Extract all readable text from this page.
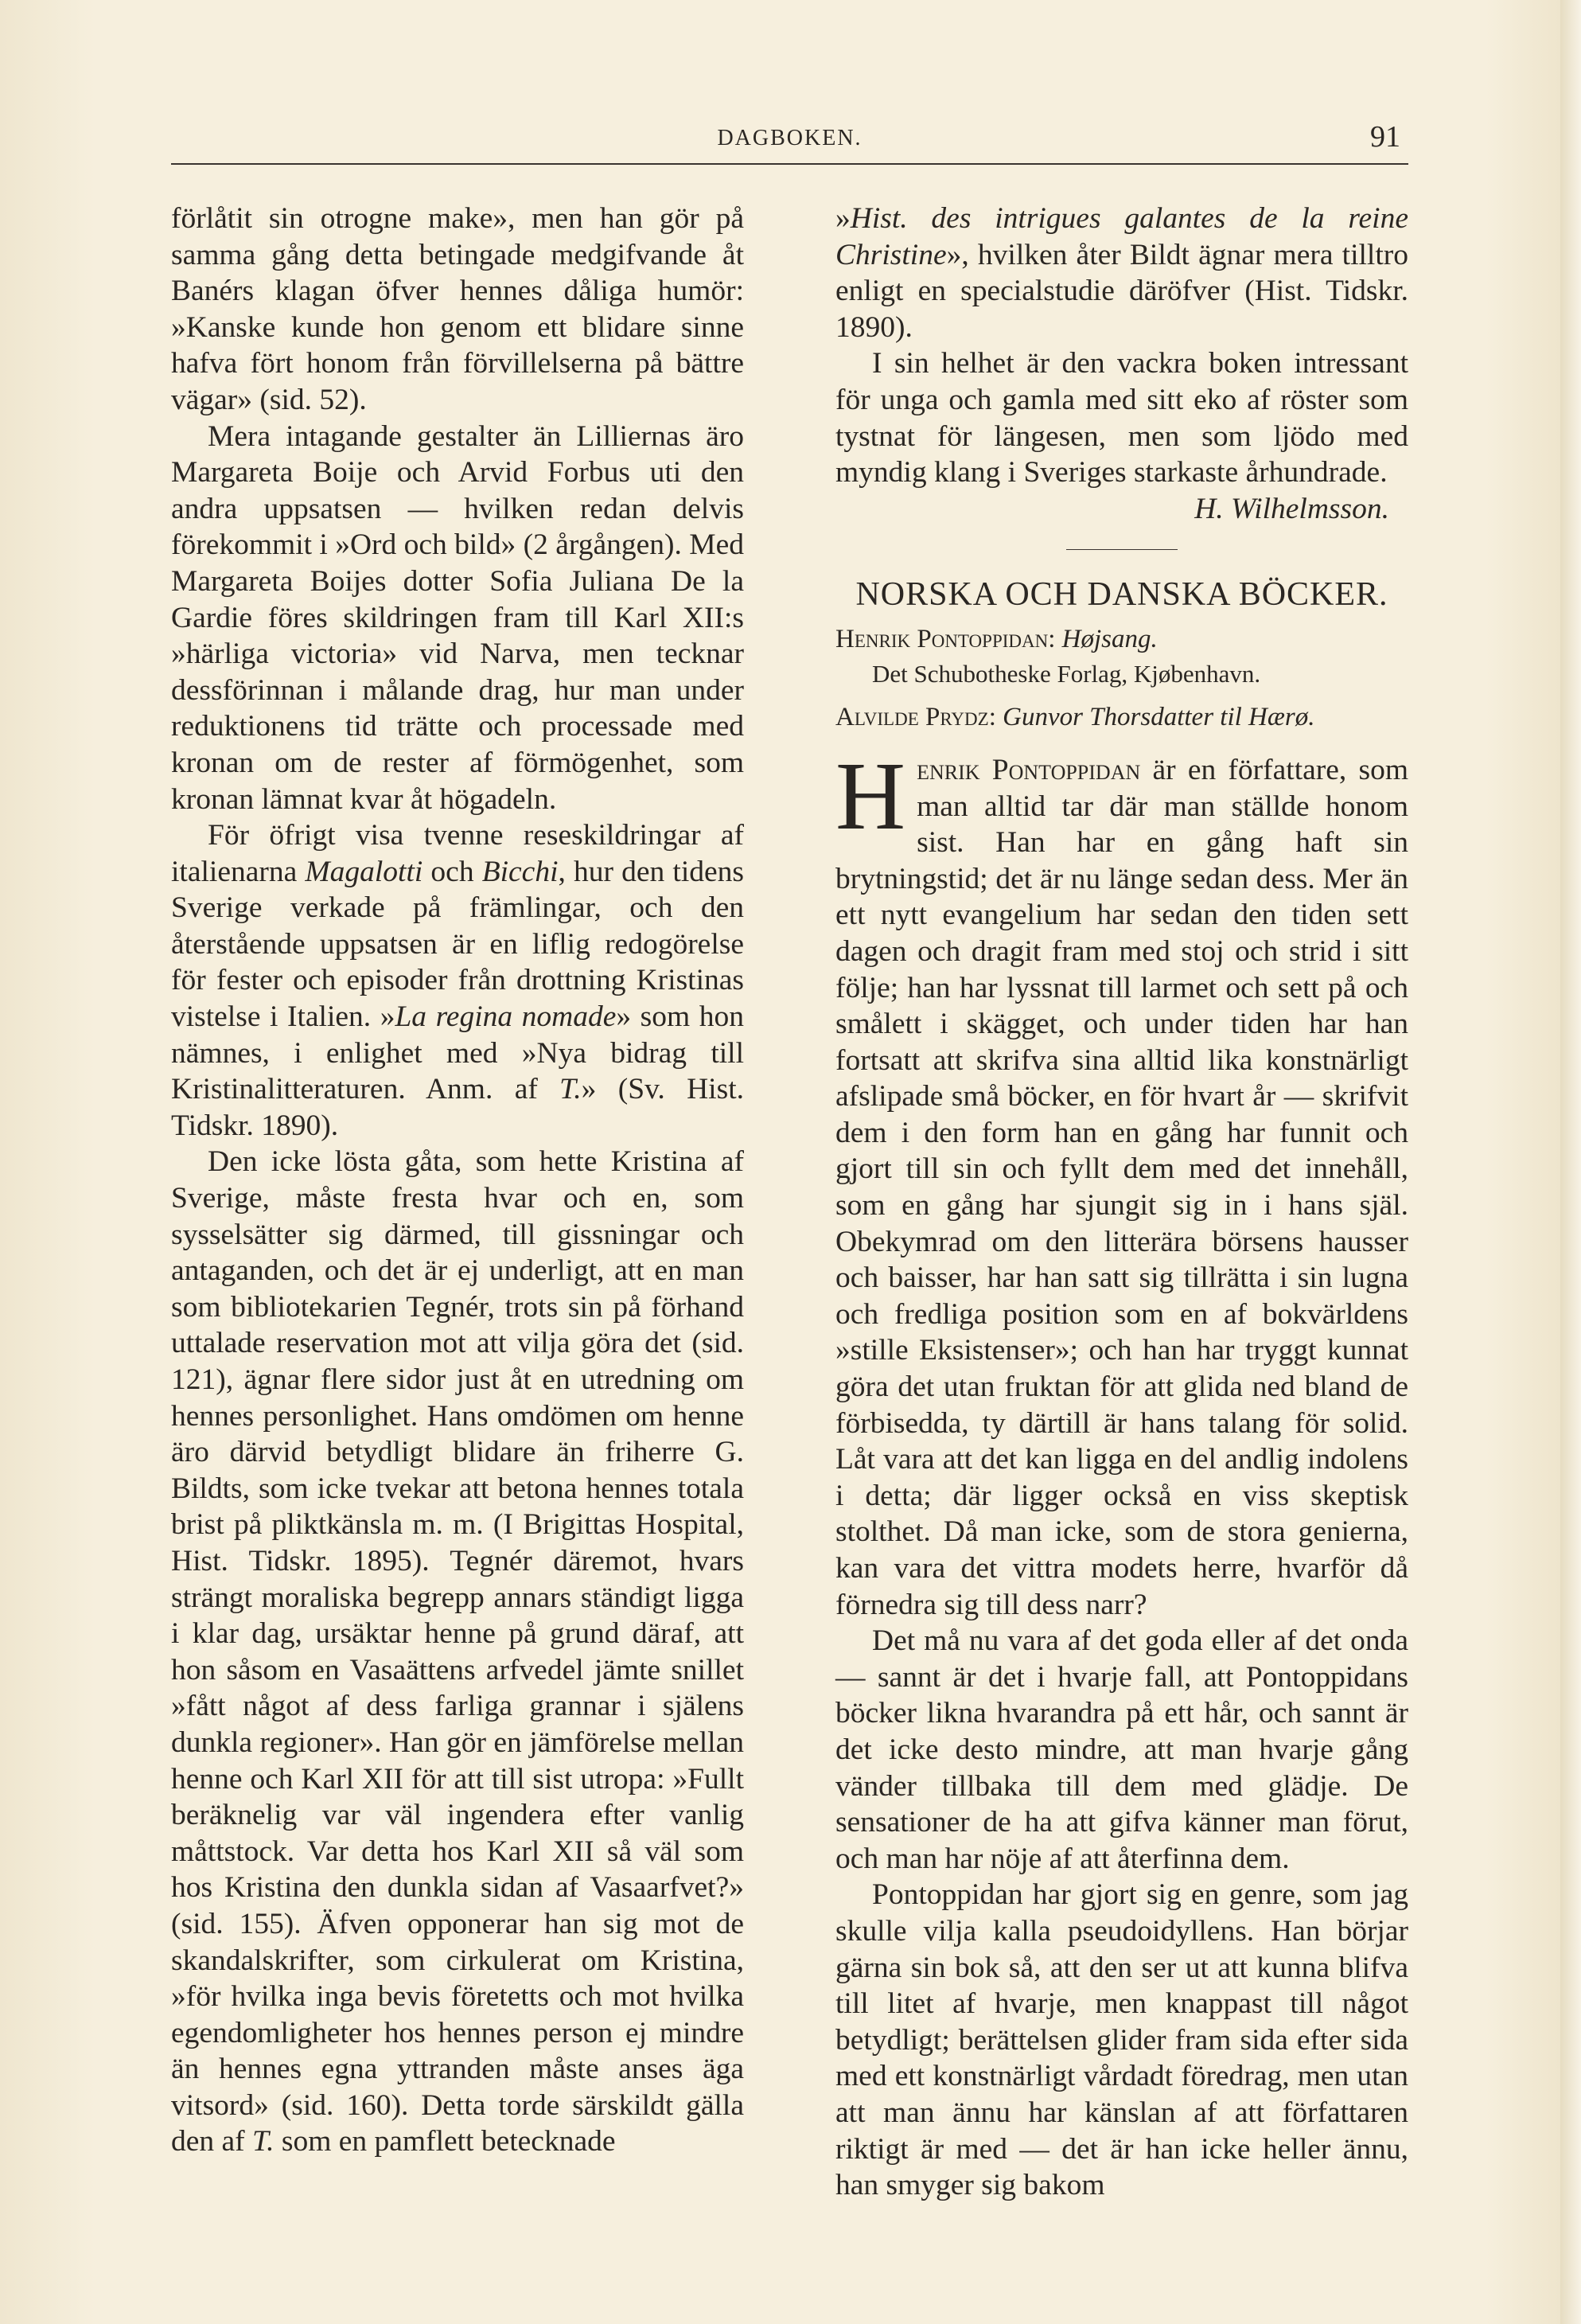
DAGBOKEN.	91

förlåtit sin otrogne make», men han gör på samma gång detta betingade medgifvande åt Banérs klagan öfver hennes dåliga humör: »Kanske kunde hon genom ett blidare sinne hafva fört honom från förvillelserna på bättre vägar» (sid. 52).

Mera intagande gestalter än Lilliernas äro Margareta Boije och Arvid Forbus uti den andra uppsatsen — hvilken redan delvis förekommit i »Ord och bild» (2 årgången). Med Margareta Boijes dotter Sofia Juliana De la Gardie föres skildringen fram till Karl XII:s »härliga victoria» vid Narva, men tecknar dessförinnan i målande drag, hur man under reduktionens tid trätte och processade med kronan om de rester af förmögenhet, som kronan lämnat kvar åt högadeln.

För öfrigt visa tvenne reseskildringar af italienarna Magalotti och Bicchi, hur den tidens Sverige verkade på främlingar, och den återstående uppsatsen är en liflig redogörelse för fester och episoder från drottning Kristinas vistelse i Italien. »La regina nomade» som hon nämnes, i enlighet med »Nya bidrag till Kristinalitteraturen. Anm. af T.» (Sv. Hist. Tidskr. 1890).

Den icke lösta gåta, som hette Kristina af Sverige, måste fresta hvar och en, som sysselsätter sig därmed, till gissningar och antaganden, och det är ej underligt, att en man som bibliotekarien Tegnér, trots sin på förhand uttalade reservation mot att vilja göra det (sid. 121), ägnar flere sidor just åt en utredning om hennes personlighet. Hans omdömen om henne äro därvid betydligt blidare än friherre G. Bildts, som icke tvekar att betona hennes totala brist på pliktkänsla m. m. (I Brigittas Hospital, Hist. Tidskr. 1895). Tegnér däremot, hvars strängt moraliska begrepp annars ständigt ligga i klar dag, ursäktar henne på grund däraf, att hon såsom en Vasaättens arfvedel jämte snillet »fått något af dess farliga grannar i själens dunkla regioner». Han gör en jämförelse mellan henne och Karl XII för att till sist utropa: »Fullt beräknelig var väl ingendera efter vanlig måttstock. Var detta hos Karl XII så väl som hos Kristina den dunkla sidan af Vasaarfvet?» (sid. 155). Äfven opponerar han sig mot de skandalskrifter, som cirkulerat om Kristina, »för hvilka inga bevis företetts och mot hvilka egendomligheter hos hennes person ej mindre än hennes egna yttranden måste anses äga vitsord» (sid. 160). Detta torde särskildt gälla den af T. som en pamflett betecknade

»Hist. des intrigues galantes de la reine Christine», hvilken åter Bildt ägnar mera tilltro enligt en specialstudie däröfver (Hist. Tidskr. 1890).

I sin helhet är den vackra boken intressant för unga och gamla med sitt eko af röster som tystnat för längesen, men som ljödo med myndig klang i Sveriges starkaste århundrade.

H. Wilhelmsson.

NORSKA OCH DANSKA BÖCKER.
Henrik Pontoppidan: Højsang.
Det Schubotheske Forlag, Kjøbenhavn.
Alvilde Prydz: Gunvor Thorsdatter til Hærø.

Henrik Pontoppidan är en författare, som man alltid tar där man ställde honom sist. Han har en gång haft sin brytningstid; det är nu länge sedan dess. Mer än ett nytt evangelium har sedan den tiden sett dagen och dragit fram med stoj och strid i sitt följe; han har lyssnat till larmet och sett på och smålett i skägget, och under tiden har han fortsatt att skrifva sina alltid lika konstnärligt afslipade små böcker, en för hvart år — skrifvit dem i den form han en gång har funnit och gjort till sin och fyllt dem med det innehåll, som en gång har sjungit sig in i hans själ. Obekymrad om den litterära börsens hausser och baisser, har han satt sig tillrätta i sin lugna och fredliga position som en af bokvärldens »stille Eksistenser»; och han har tryggt kunnat göra det utan fruktan för att glida ned bland de förbisedda, ty därtill är hans talang för solid. Låt vara att det kan ligga en del andlig indolens i detta; där ligger också en viss skeptisk stolthet. Då man icke, som de stora genierna, kan vara det vittra modets herre, hvarför då förnedra sig till dess narr?

Det må nu vara af det goda eller af det onda — sannt är det i hvarje fall, att Pontoppidans böcker likna hvarandra på ett hår, och sannt är det icke desto mindre, att man hvarje gång vänder tillbaka till dem med glädje. De sensationer de ha att gifva känner man förut, och man har nöje af att återfinna dem.

Pontoppidan har gjort sig en genre, som jag skulle vilja kalla pseudoidyllens. Han börjar gärna sin bok så, att den ser ut att kunna blifva till litet af hvarje, men knappast till något betydligt; berättelsen glider fram sida efter sida med ett konstnärligt vårdadt föredrag, men utan att man ännu har känslan af att författaren riktigt är med — det är han icke heller ännu, han smyger sig bakom
